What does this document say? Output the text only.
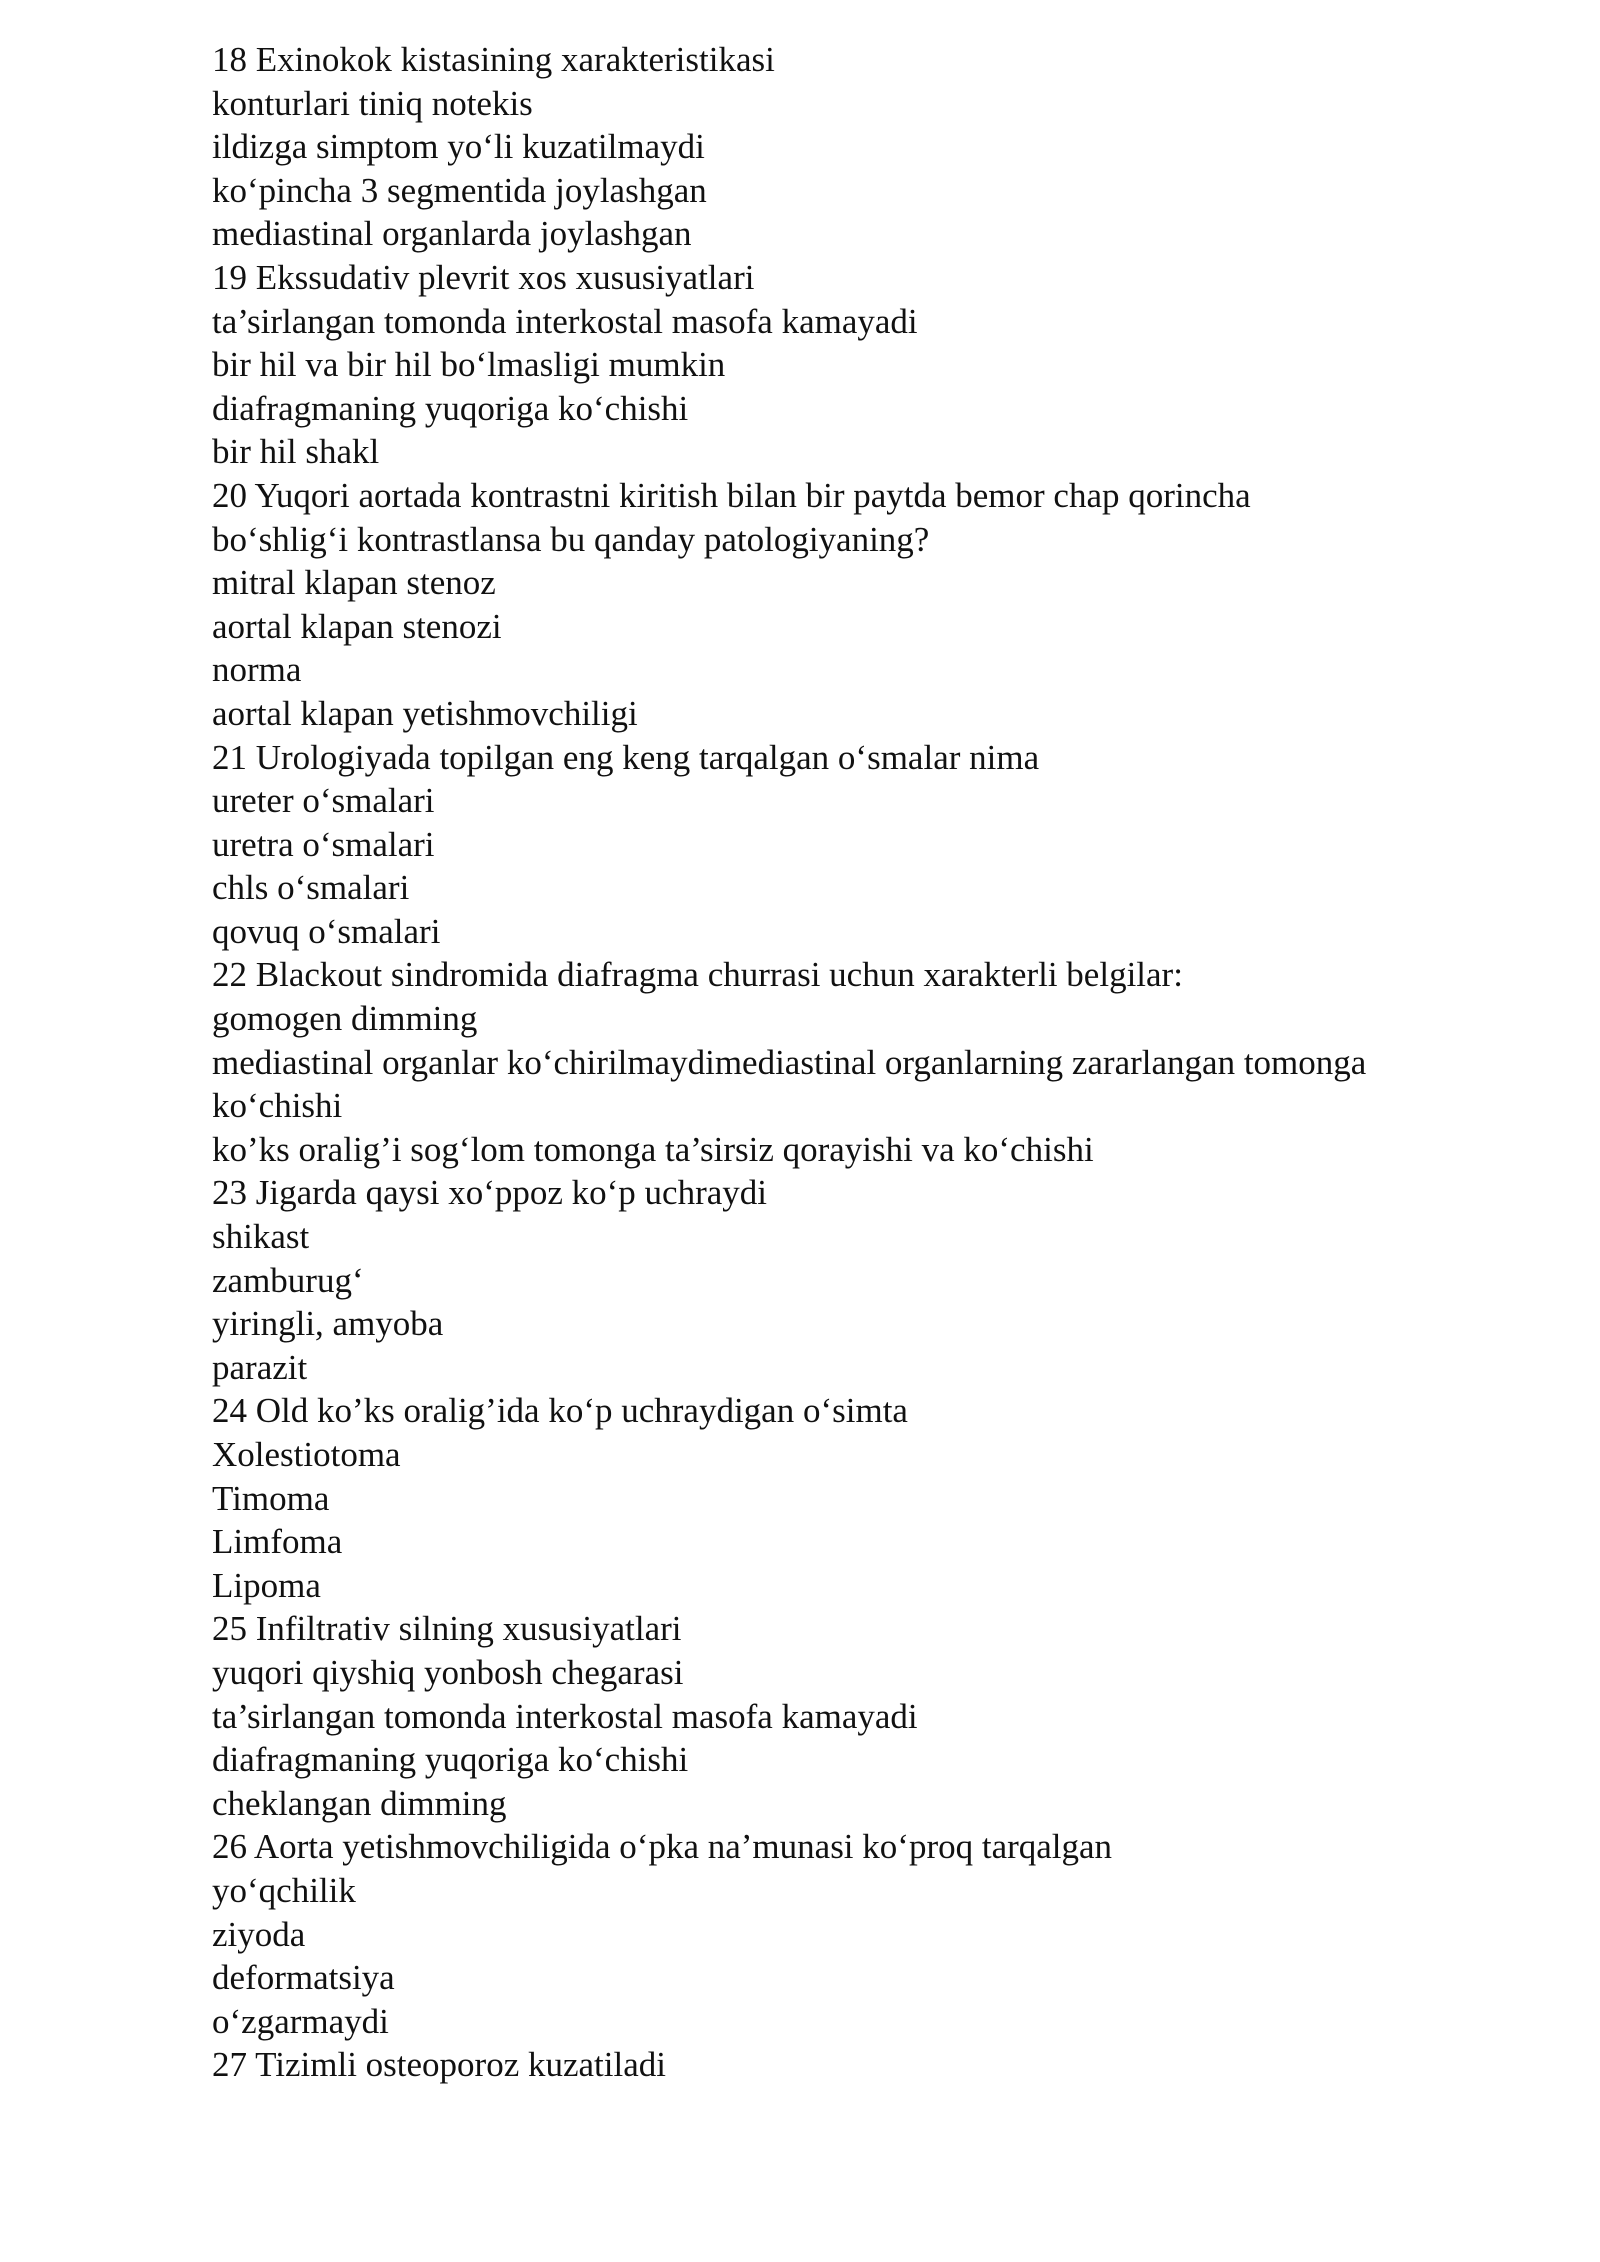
18 Exinokok kistasining xarakteristikasi

konturlari tiniq notekis

ildizga simptom yo‘li kuzatilmaydi

ko‘pincha 3 segmentida joylashgan

mediastinal organlarda joylashgan

19 Ekssudativ plevrit xos xususiyatlari

ta’sirlangan tomonda interkostal masofa kamayadi

bir hil va bir hil bo‘lmasligi mumkin

diafragmaning yuqoriga ko‘chishi

bir hil shakl

20 Yuqori aortada kontrastni kiritish bilan bir paytda bemor chap qorincha

bo‘shlig‘i kontrastlansa bu qanday patologiyaning?

mitral klapan stenoz

aortal klapan stenozi

norma

aortal klapan yetishmovchiligi

21 Urologiyada topilgan eng keng tarqalgan o‘smalar nima

ureter o‘smalari

uretra o‘smalari

chls o‘smalari

qovuq o‘smalari

22 Blackout sindromida diafragma churrasi uchun xarakterli belgilar:

gomogen dimming

mediastinal organlar ko‘chirilmaydimediastinal organlarning zararlangan tomonga

ko‘chishi

ko’ks oralig’i sog‘lom tomonga ta’sirsiz qorayishi va ko‘chishi

23 Jigarda qaysi xo‘ppoz ko‘p uchraydi

shikast

zamburug‘

yiringli, amyoba

parazit

24 Old ko’ks oralig’ida ko‘p uchraydigan o‘simta

Xolestiotoma

Timoma

Limfoma

Lipoma

25 Infiltrativ silning xususiyatlari

yuqori qiyshiq yonbosh chegarasi

ta’sirlangan tomonda interkostal masofa kamayadi

diafragmaning yuqoriga ko‘chishi

cheklangan dimming

26 Aorta yetishmovchiligida o‘pka na’munasi ko‘proq tarqalgan

yo‘qchilik

ziyoda

deformatsiya

o‘zgarmaydi

27 Tizimli osteoporoz kuzatiladi
